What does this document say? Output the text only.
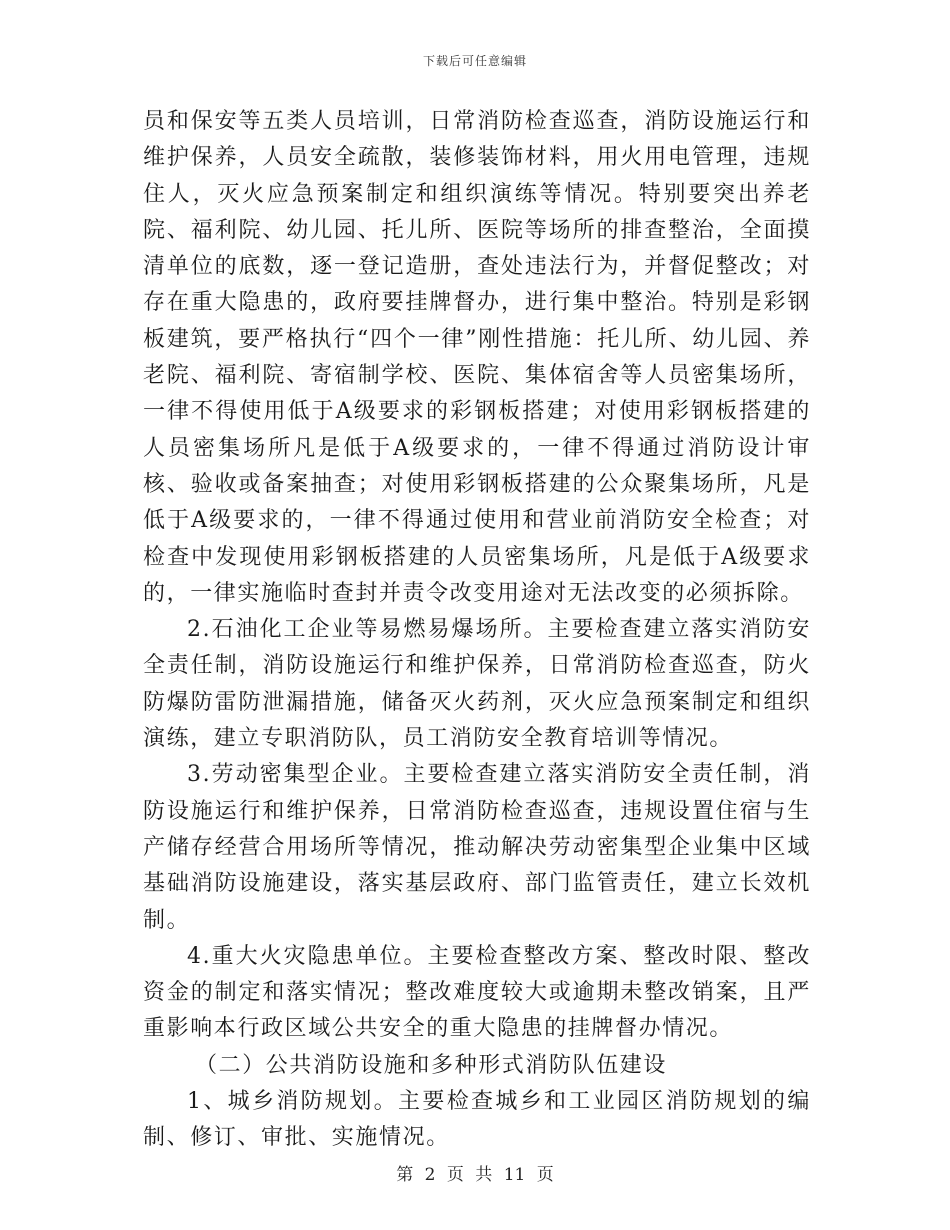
下载后可任意编辑

员和保安等五类人员培训，日常消防检查巡查，消防设施运行和维护保养，人员安全疏散，装修装饰材料，用火用电管理，违规住人，灭火应急预案制定和组织演练等情况。特别要突出养老院、福利院、幼儿园、托儿所、医院等场所的排查整治，全面摸清单位的底数，逐一登记造册，查处违法行为，并督促整改；对存在重大隐患的，政府要挂牌督办，进行集中整治。特别是彩钢板建筑，要严格执行“四个一律”刚性措施：托儿所、幼儿园、养老院、福利院、寄宿制学校、医院、集体宿舍等人员密集场所，一律不得使用低于A级要求的彩钢板搭建；对使用彩钢板搭建的人员密集场所凡是低于A级要求的，一律不得通过消防设计审核、验收或备案抽查；对使用彩钢板搭建的公众聚集场所，凡是低于A级要求的，一律不得通过使用和营业前消防安全检查；对检查中发现使用彩钢板搭建的人员密集场所，凡是低于A级要求的，一律实施临时查封并责令改变用途对无法改变的必须拆除。

2.石油化工企业等易燃易爆场所。主要检查建立落实消防安全责任制，消防设施运行和维护保养，日常消防检查巡查，防火防爆防雷防泄漏措施，储备灭火药剂，灭火应急预案制定和组织演练，建立专职消防队，员工消防安全教育培训等情况。

3.劳动密集型企业。主要检查建立落实消防安全责任制，消防设施运行和维护保养，日常消防检查巡查，违规设置住宿与生产储存经营合用场所等情况，推动解决劳动密集型企业集中区域基础消防设施建设，落实基层政府、部门监管责任，建立长效机制。

4.重大火灾隐患单位。主要检查整改方案、整改时限、整改资金的制定和落实情况；整改难度较大或逾期未整改销案，且严重影响本行政区域公共安全的重大隐患的挂牌督办情况。

（二）公共消防设施和多种形式消防队伍建设

1、城乡消防规划。主要检查城乡和工业园区消防规划的编制、修订、审批、实施情况。

第 2 页 共 11 页
